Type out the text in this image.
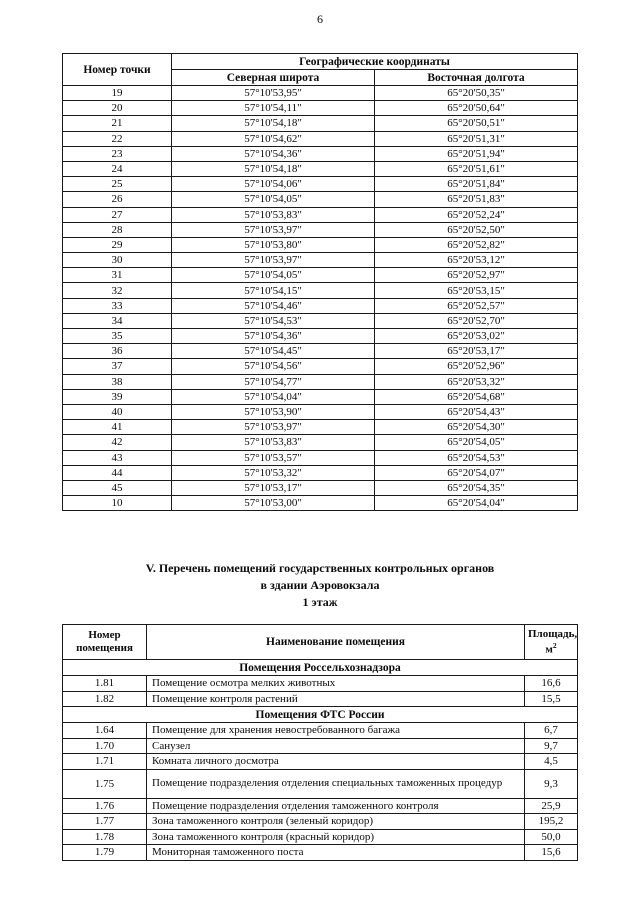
6
Номер точки	Географические координаты	
	Северная широта	Восточная долгота
19	57°10'53,95"	65°20'50,35"
20	57°10'54,11"	65°20'50,64"
21	57°10'54,18"	65°20'50,51"
22	57°10'54,62"	65°20'51,31"
23	57°10'54,36"	65°20'51,94"
24	57°10'54,18"	65°20'51,61"
25	57°10'54,06"	65°20'51,84"
26	57°10'54,05"	65°20'51,83"
27	57°10'53,83"	65°20'52,24"
28	57°10'53,97"	65°20'52,50"
29	57°10'53,80"	65°20'52,82"
30	57°10'53,97"	65°20'53,12"
31	57°10'54,05"	65°20'52,97"
32	57°10'54,15"	65°20'53,15"
33	57°10'54,46"	65°20'52,57"
34	57°10'54,53"	65°20'52,70"
35	57°10'54,36"	65°20'53,02"
36	57°10'54,45"	65°20'53,17"
37	57°10'54,56"	65°20'52,96"
38	57°10'54,77"	65°20'53,32"
39	57°10'54,04"	65°20'54,68"
40	57°10'53,90"	65°20'54,43"
41	57°10'53,97"	65°20'54,30"
42	57°10'53,83"	65°20'54,05"
43	57°10'53,57"	65°20'54,53"
44	57°10'53,32"	65°20'54,07"
45	57°10'53,17"	65°20'54,35"
10	57°10'53,00"	65°20'54,04"
V. Перечень помещений государственных контрольных органов
в здании Аэровокзала
1 этаж
Номер
помещения	Наименование помещения	Площадь, $м^2$
Помещения Россельхознадзора		
1.81	Помещение осмотра мелких животных	16,6
1.82	Помещение контроля растений	15,5
Помещения ФТС России		
1.64	Помещение для хранения невостребованного багажа	6,7
1.70	Санузел	9,7
1.71	Комната личного досмотра	4,5
1.75	Помещение подразделения отделения специальных таможенных процедур	9,3
1.76	Помещение подразделения отделения таможенного контроля	25,9
1.77	Зона таможенного контроля (зеленый коридор)	195,2
1.78	Зона таможенного контроля (красный коридор)	50,0
1.79	Мониторная таможенного поста	15,6
